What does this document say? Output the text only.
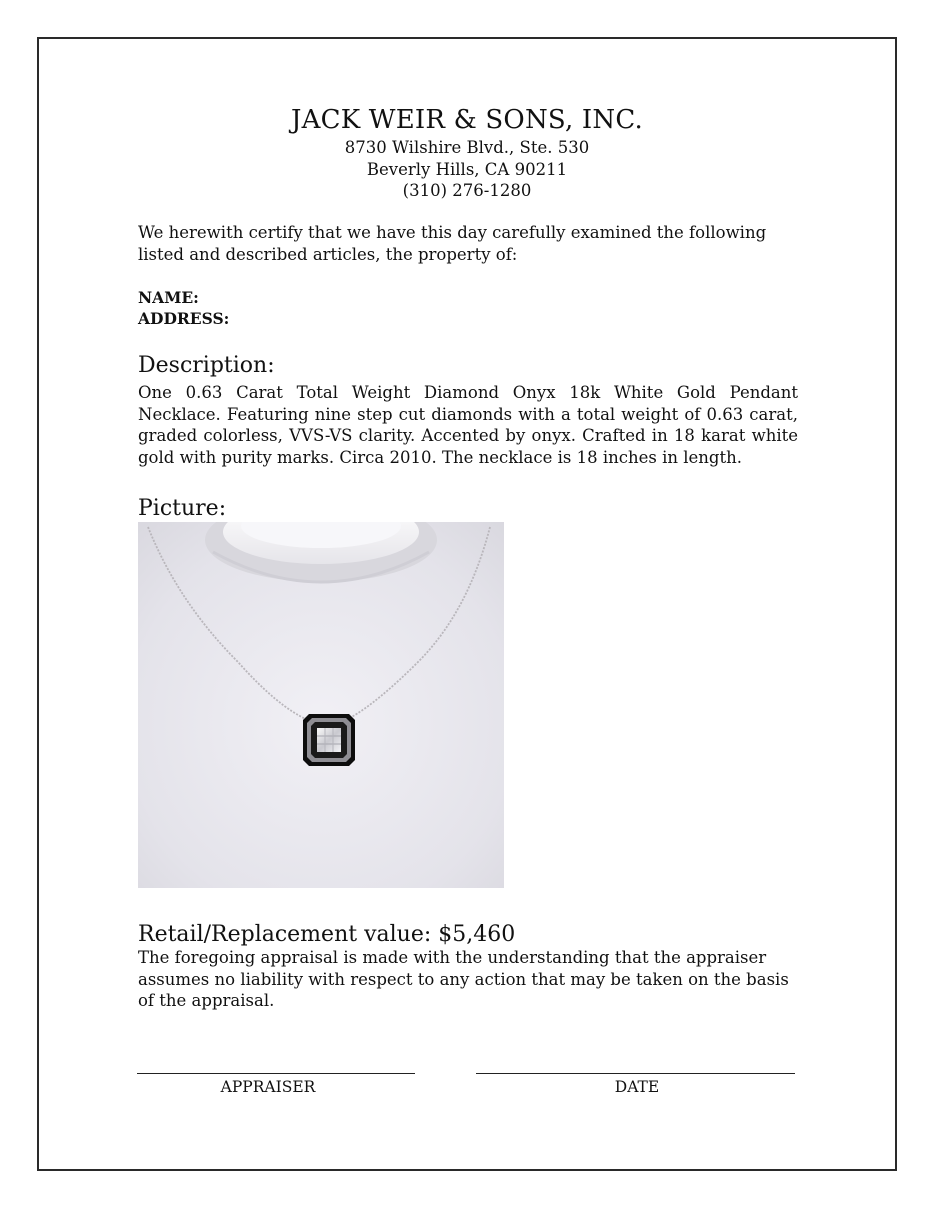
JACK WEIR & SONS, INC.
8730 Wilshire Blvd., Ste. 530
Beverly Hills, CA 90211
(310) 276-1280
We herewith certify that we have this day carefully examined the following listed and described articles, the property of:
NAME:
ADDRESS:
Description:
One 0.63 Carat Total Weight Diamond Onyx 18k White Gold Pendant Necklace. Featuring nine step cut diamonds with a total weight of 0.63 carat, graded colorless, VVS-VS clarity. Accented by onyx. Crafted in 18 karat white gold with purity marks. Circa 2010. The necklace is 18 inches in length.
Picture:
Retail/Replacement value: $5,460
The foregoing appraisal is made with the understanding that the appraiser assumes no liability with respect to any action that may be taken on the basis of the appraisal.
APPRAISER	DATE
